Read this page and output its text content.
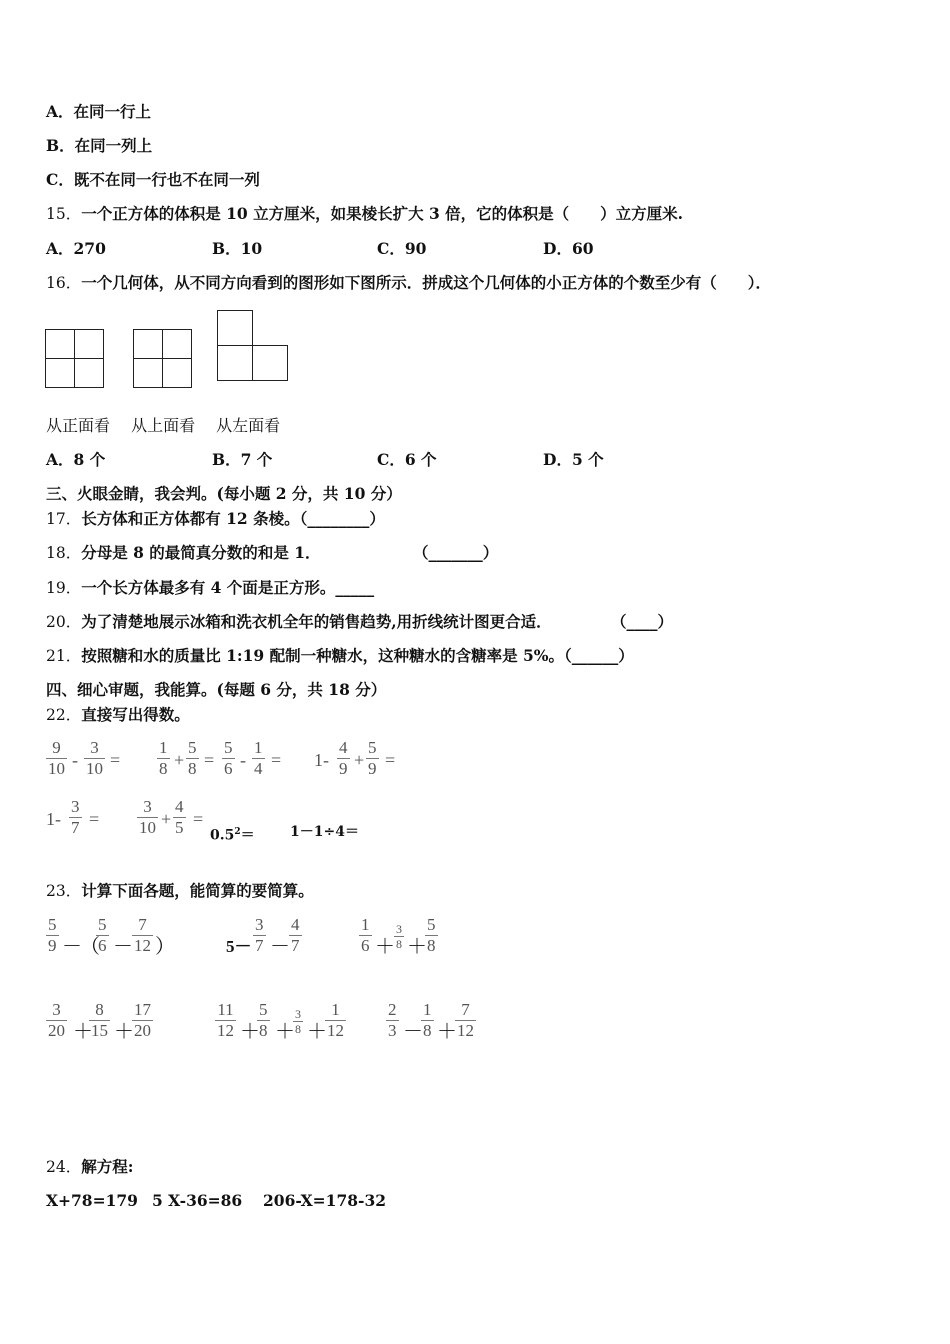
A．在同一行上
B．在同一列上
C．既不在同一行也不在同一列
15．一个正方体的体积是 10 立方厘米，如果棱长扩大 3 倍，它的体积是（　　）立方厘米.
A．270	B．10	C．90	D．60
16．一个几何体，从不同方向看到的图形如下图所示．拼成这个几何体的小正方体的个数至少有（　　）．
从正面看　 从上面看　 从左面看
A．8 个	B．7 个	C．6 个	D．5 个
三、火眼金睛，我会判。(每小题 2 分，共 10 分）
17．长方体和正方体都有 12 条棱。（________）
18．分母是 8 的最简真分数的和是 1．	（_______）
19．一个长方体最多有 4 个面是正方形。_____
20．为了清楚地展示冰箱和洗衣机全年的销售趋势,用折线统计图更合适．	（____）
21．按照糖和水的质量比 1:19 配制一种糖水，这种糖水的含糖率是 5%。（______）
四、细心审题，我能算。(每题 6 分，共 18 分）
22．直接写出得数。
9
10 -
3
10 =
1
8 +
5
8 =
5
6 -
1
4 = 1-
4
9 +
5
9 =
1-
3
7 =
3
10 +
4
5 =
$0.5^2=$	1－1÷4＝
23．计算下面各题，能简算的要简算。
5
9 －
（
5
6 －
7
12 ）	5－
3
7 －
4
7
1
6 ＋
3
8 ＋
5
8
3
20 ＋
8
15 ＋
17
20
11
12 ＋
5
8 ＋
3
8 ＋
1
12
2
3 －
1
8 ＋
7
12
24．解方程:
X+78=179 5 X-36=86 206-X=178-32
